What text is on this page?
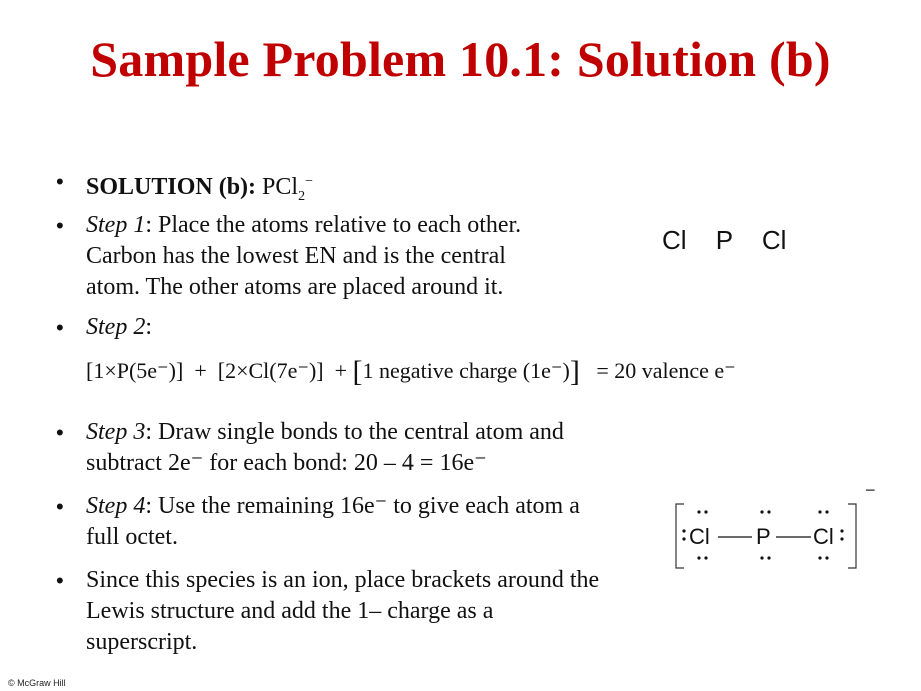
Sample Problem 10.1: Solution (b)
• SOLUTION (b): PCl$_2$−
• Step 1: Place the atoms relative to each other.
Carbon has the lowest EN and is the central
atom. The other atoms are placed around it.
Cl P Cl
• Step 2:
[1×P(5e⁻)] + [2×Cl(7e⁻)] + [1 negative charge (1e⁻)] = 20 valence e⁻
• Step 3: Draw single bonds to the central atom and
subtract 2e⁻ for each bond: 20 – 4 = 16e⁻
• Step 4: Use the remaining 16e⁻ to give each atom a
full octet.
• Since this species is an ion, place brackets around the
Lewis structure and add the 1– charge as a
superscript.
−
Cl P Cl
© McGraw Hill
